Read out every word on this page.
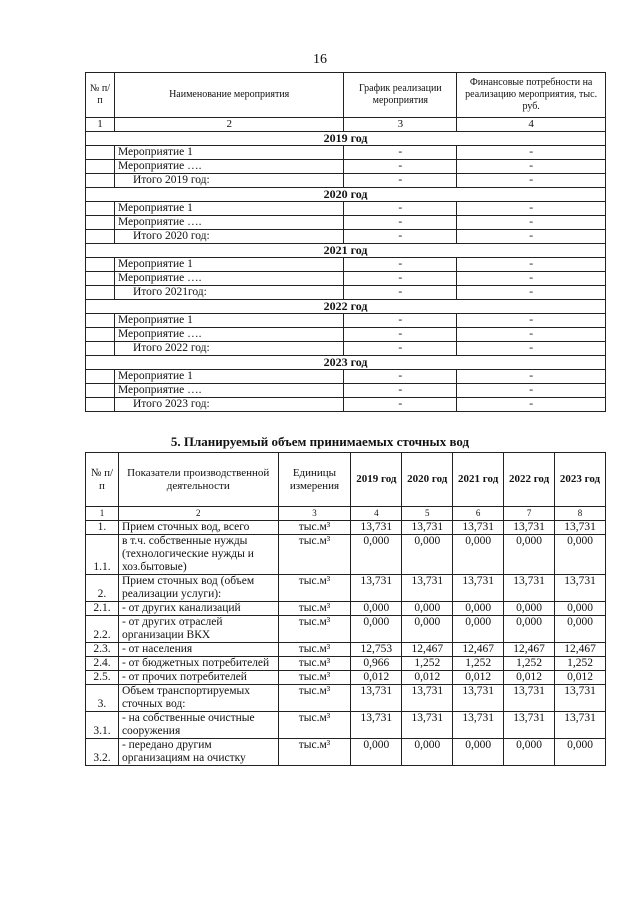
16
№ п/п	Наименование мероприятия	График реализации мероприятия	Финансовые потребности на реализацию мероприятия, тыс. руб.
1	2	3	4
2019 год			
	Мероприятие 1	-	-
	Мероприятие ….	-	-
	Итого 2019 год:	-	-
2020 год			
	Мероприятие 1	-	-
	Мероприятие ….	-	-
	Итого 2020 год:	-	-
2021 год			
	Мероприятие 1	-	-
	Мероприятие ….	-	-
	Итого 2021год:	-	-
2022 год			
	Мероприятие 1	-	-
	Мероприятие ….	-	-
	Итого 2022 год:	-	-
2023 год			
	Мероприятие 1	-	-
	Мероприятие ….	-	-
	Итого 2023 год:	-	-
5. Планируемый объем принимаемых сточных вод
№ п/п	Показатели производственной деятельности	Единицы измерения	2019 год	2020 год	2021 год	2022 год	2023 год
1	2	3	4	5	6	7	8
1.	Прием сточных вод, всего	тыс.м³	13,731	13,731	13,731	13,731	13,731
1.1.	в т.ч. собственные нужды (технологические нужды и хоз.бытовые)	тыс.м³	0,000	0,000	0,000	0,000	0,000
2.	Прием сточных вод (объем реализации услуги):	тыс.м³	13,731	13,731	13,731	13,731	13,731
2.1.	- от других канализаций	тыс.м³	0,000	0,000	0,000	0,000	0,000
2.2.	- от других отраслей организации ВКХ	тыс.м³	0,000	0,000	0,000	0,000	0,000
2.3.	- от населения	тыс.м³	12,753	12,467	12,467	12,467	12,467
2.4.	- от бюджетных потребителей	тыс.м³	0,966	1,252	1,252	1,252	1,252
2.5.	- от прочих потребителей	тыс.м³	0,012	0,012	0,012	0,012	0,012
3.	Объем транспортируемых сточных вод:	тыс.м³	13,731	13,731	13,731	13,731	13,731
3.1.	- на собственные очистные сооружения	тыс.м³	13,731	13,731	13,731	13,731	13,731
3.2.	- передано другим организациям на очистку	тыс.м³	0,000	0,000	0,000	0,000	0,000
